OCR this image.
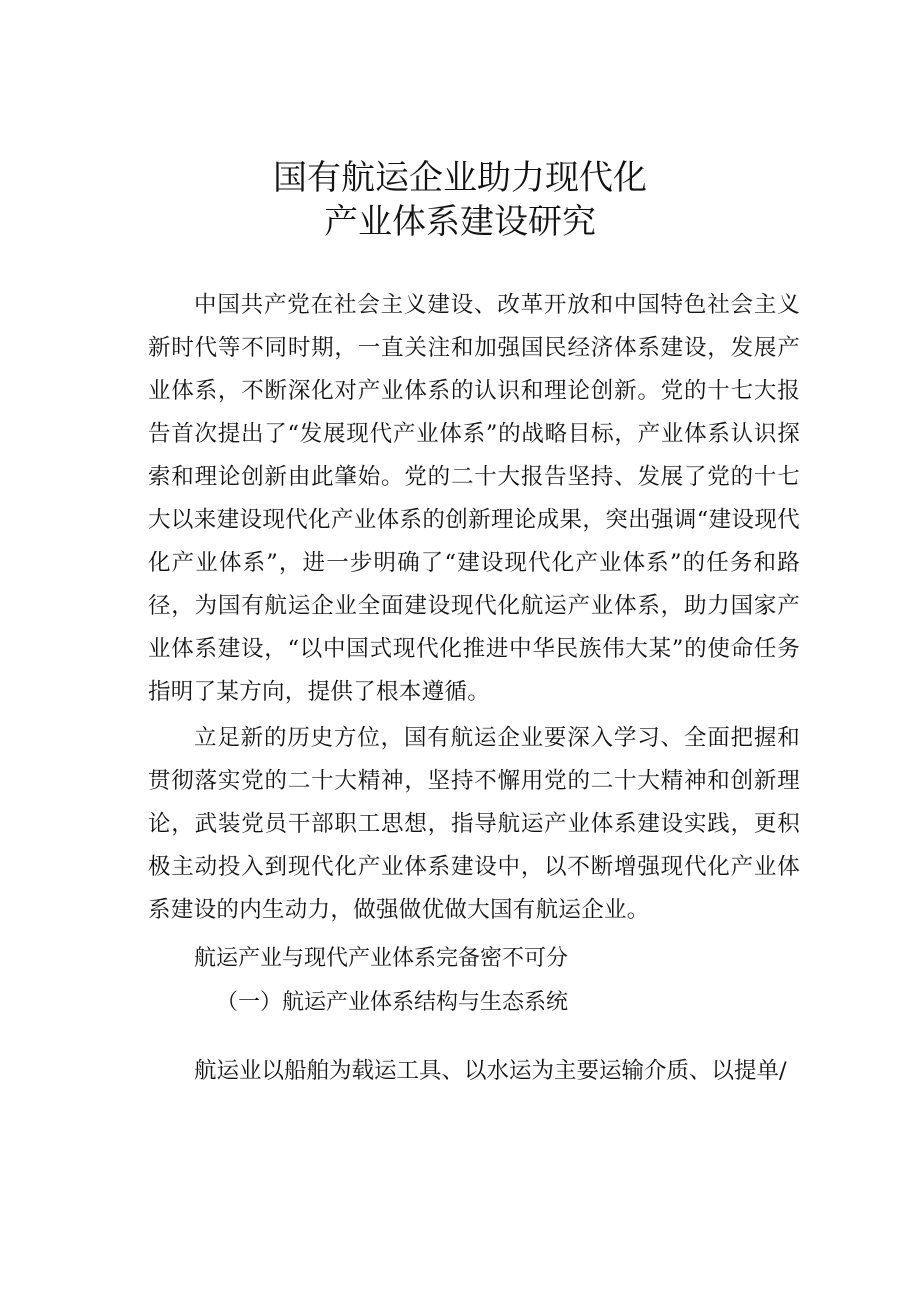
国有航运企业助力现代化
产业体系建设研究

中国共产党在社会主义建设、改革开放和中国特色社会主义新时代等不同时期，一直关注和加强国民经济体系建设，发展产业体系，不断深化对产业体系的认识和理论创新。党的十七大报告首次提出了“发展现代产业体系”的战略目标，产业体系认识探索和理论创新由此肇始。党的二十大报告坚持、发展了党的十七大以来建设现代化产业体系的创新理论成果，突出强调“建设现代化产业体系”，进一步明确了“建设现代化产业体系”的任务和路径，为国有航运企业全面建设现代化航运产业体系，助力国家产业体系建设，“以中国式现代化推进中华民族伟大某”的使命任务指明了某方向，提供了根本遵循。

立足新的历史方位，国有航运企业要深入学习、全面把握和贯彻落实党的二十大精神，坚持不懈用党的二十大精神和创新理论，武装党员干部职工思想，指导航运产业体系建设实践，更积极主动投入到现代化产业体系建设中，以不断增强现代化产业体系建设的内生动力，做强做优做大国有航运企业。

航运产业与现代产业体系完备密不可分
（一）航运产业体系结构与生态系统

航运业以船舶为载运工具、以水运为主要运输介质、以提单/
